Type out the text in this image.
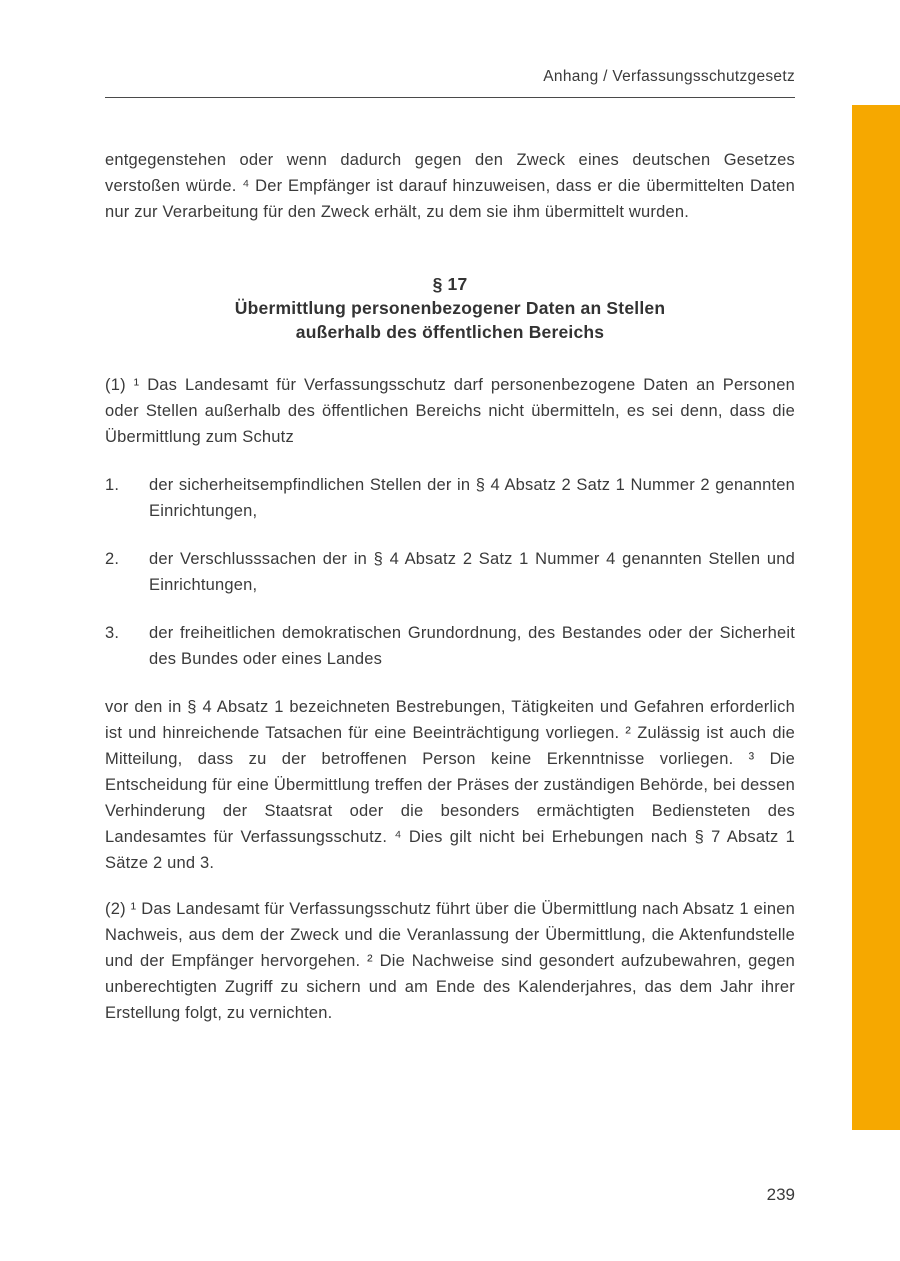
Anhang / Verfassungsschutzgesetz

entgegenstehen oder wenn dadurch gegen den Zweck eines deutschen Gesetzes verstoßen würde. ⁴ Der Empfänger ist darauf hinzuweisen, dass er die übermittelten Daten nur zur Verarbeitung für den Zweck erhält, zu dem sie ihm übermittelt wurden.

§ 17
Übermittlung personenbezogener Daten an Stellen
außerhalb des öffentlichen Bereichs

(1) ¹ Das Landesamt für Verfassungsschutz darf personenbezogene Daten an Personen oder Stellen außerhalb des öffentlichen Bereichs nicht übermitteln, es sei denn, dass die Übermittlung zum Schutz

1.	der sicherheitsempfindlichen Stellen der in § 4 Absatz 2 Satz 1 Nummer 2 genannten Einrichtungen,
2.	der Verschlusssachen der in § 4 Absatz 2 Satz 1 Nummer 4 genannten Stellen und Einrichtungen,
3.	der freiheitlichen demokratischen Grundordnung, des Bestandes oder der Sicherheit des Bundes oder eines Landes

vor den in § 4 Absatz 1 bezeichneten Bestrebungen, Tätigkeiten und Gefahren erforderlich ist und hinreichende Tatsachen für eine Beeinträchtigung vorliegen. ² Zulässig ist auch die Mitteilung, dass zu der betroffenen Person keine Erkenntnisse vorliegen. ³ Die Entscheidung für eine Übermittlung treffen der Präses der zuständigen Behörde, bei dessen Verhinderung der Staatsrat oder die besonders ermächtigten Bediensteten des Landesamtes für Verfassungsschutz. ⁴ Dies gilt nicht bei Erhebungen nach § 7 Absatz 1 Sätze 2 und 3.

(2) ¹ Das Landesamt für Verfassungsschutz führt über die Übermittlung nach Absatz 1 einen Nachweis, aus dem der Zweck und die Veranlassung der Übermittlung, die Aktenfundstelle und der Empfänger hervorgehen. ² Die Nachweise sind gesondert aufzubewahren, gegen unberechtigten Zugriff zu sichern und am Ende des Kalenderjahres, das dem Jahr ihrer Erstellung folgt, zu vernichten.

239
